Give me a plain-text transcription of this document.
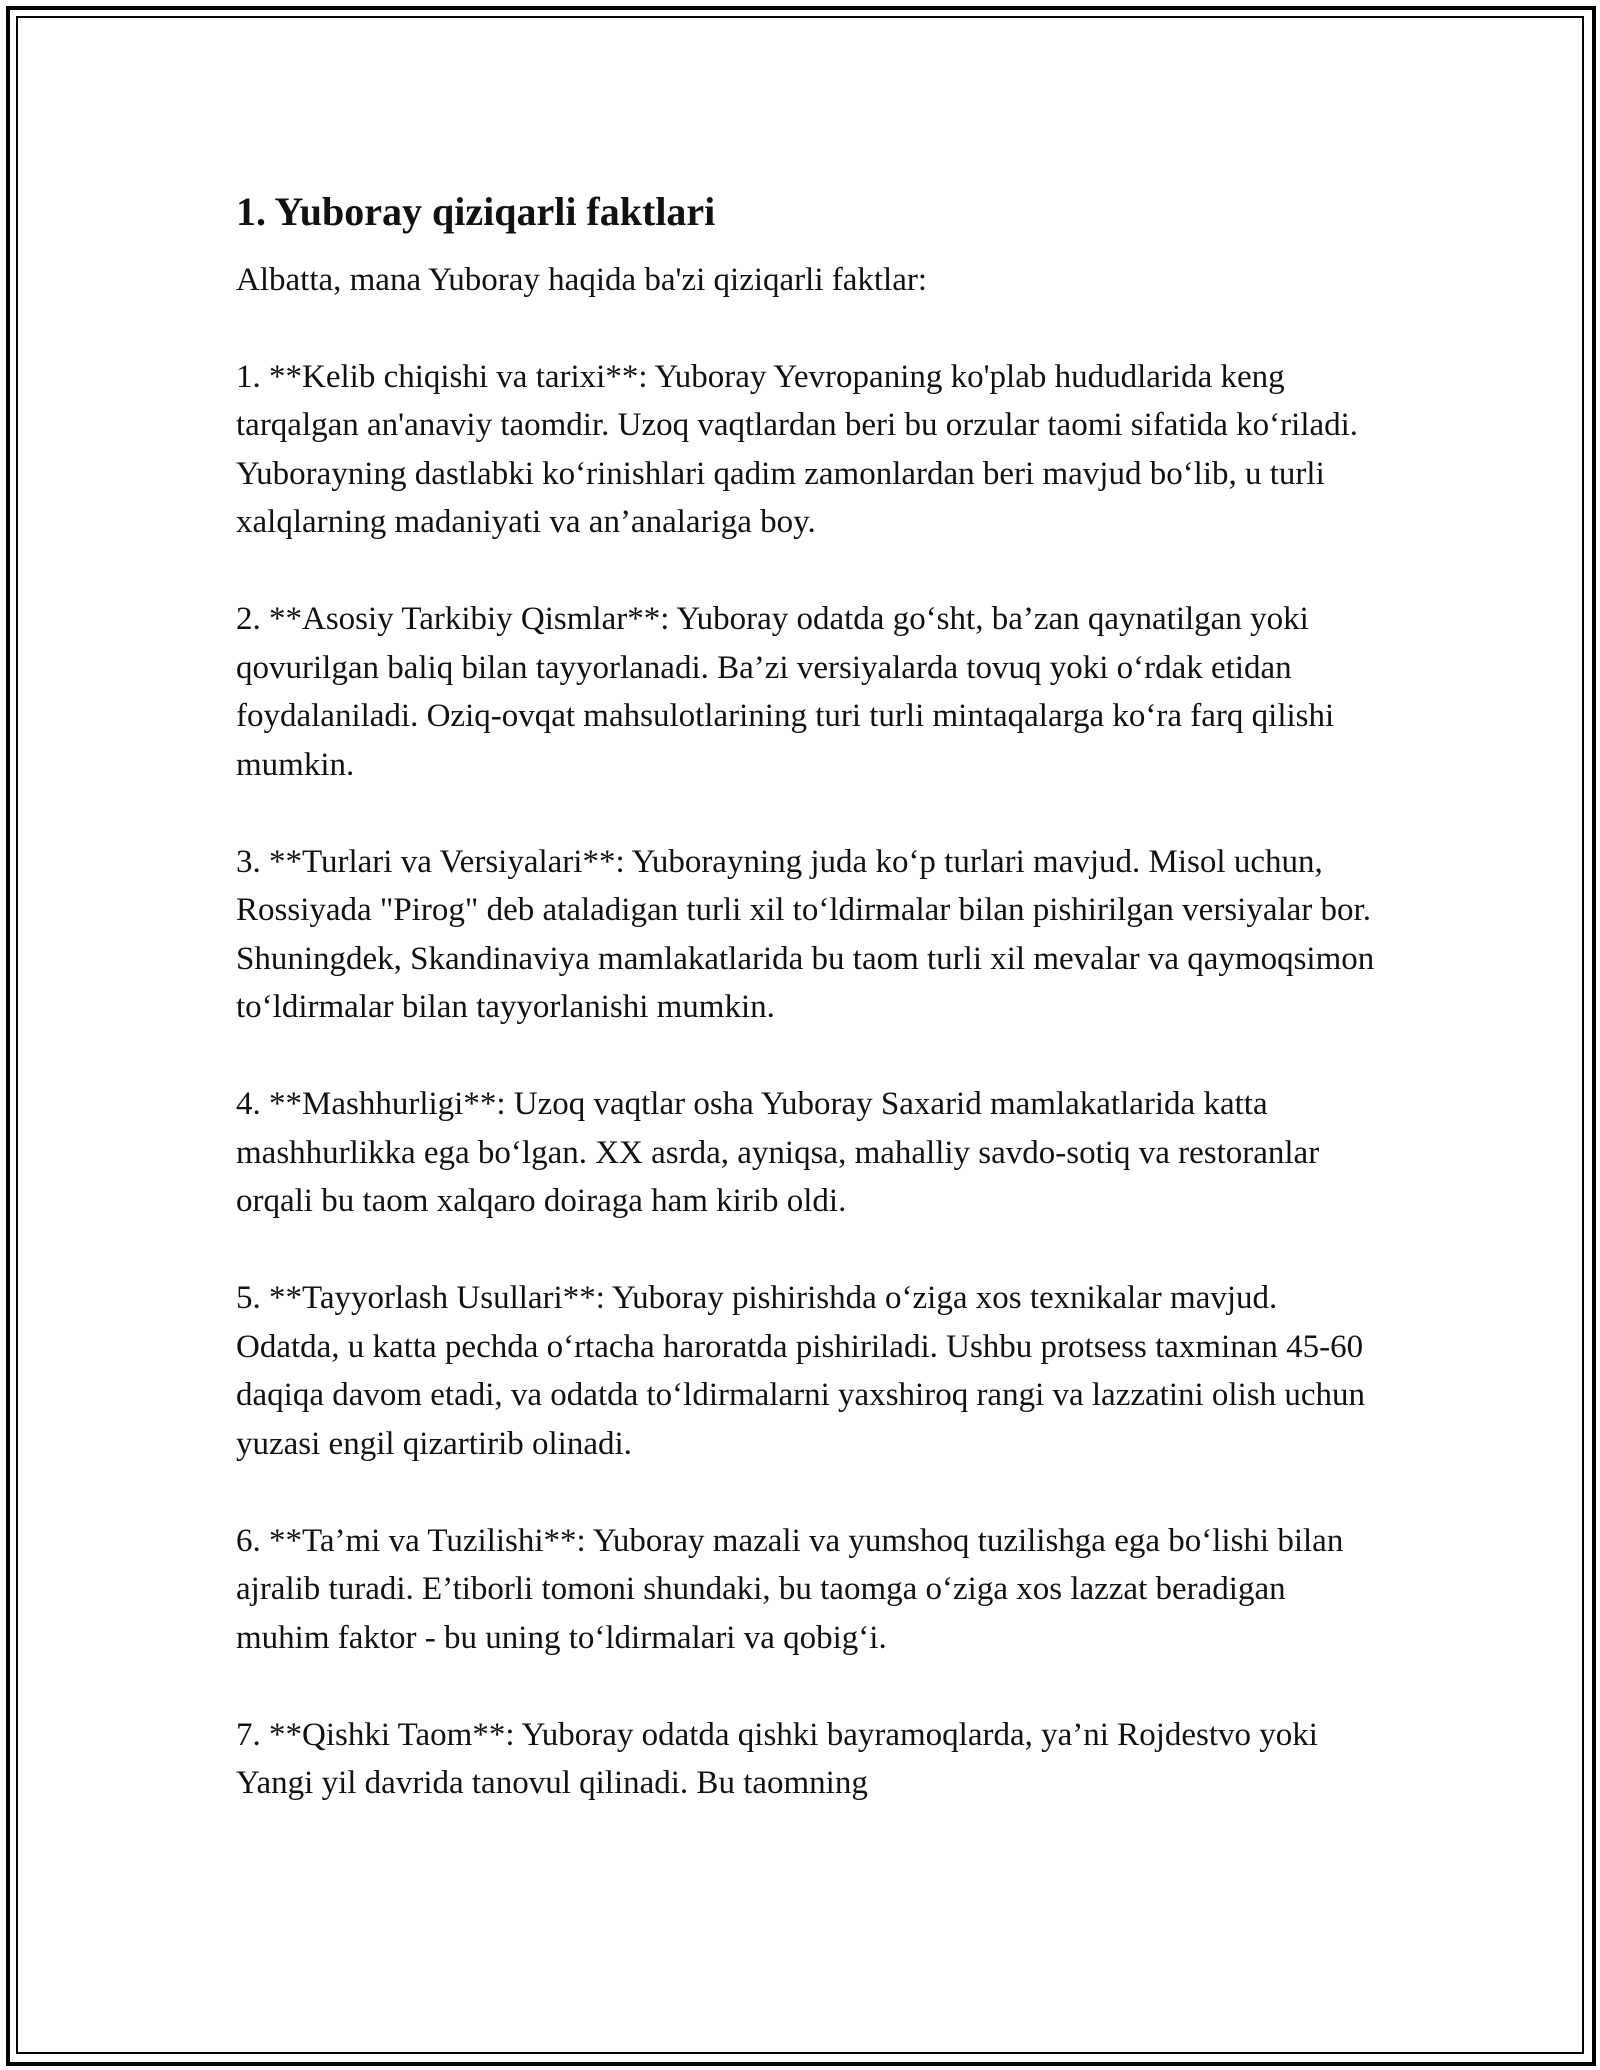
1. Yuboray qiziqarli faktlari

Albatta, mana Yuboray haqida ba'zi qiziqarli faktlar:

1. **Kelib chiqishi va tarixi**: Yuboray Yevropaning ko'plab hududlarida keng tarqalgan an'anaviy taomdir. Uzoq vaqtlardan beri bu orzular taomi sifatida ko‘riladi. Yuborayning dastlabki ko‘rinishlari qadim zamonlardan beri mavjud bo‘lib, u turli xalqlarning madaniyati va an’analariga boy.

2. **Asosiy Tarkibiy Qismlar**: Yuboray odatda go‘sht, ba’zan qaynatilgan yoki qovurilgan baliq bilan tayyorlanadi. Ba’zi versiyalarda tovuq yoki o‘rdak etidan foydalaniladi. Oziq-ovqat mahsulotlarining turi turli mintaqalarga ko‘ra farq qilishi mumkin.

3. **Turlari va Versiyalari**: Yuborayning juda ko‘p turlari mavjud. Misol uchun, Rossiyada "Pirog" deb ataladigan turli xil to‘ldirmalar bilan pishirilgan versiyalar bor. Shuningdek, Skandinaviya mamlakatlarida bu taom turli xil mevalar va qaymoqsimon to‘ldirmalar bilan tayyorlanishi mumkin.

4. **Mashhurligi**: Uzoq vaqtlar osha Yuboray Saxarid mamlakatlarida katta mashhurlikka ega bo‘lgan. XX asrda, ayniqsa, mahalliy savdo-sotiq va restoranlar orqali bu taom xalqaro doiraga ham kirib oldi.

5. **Tayyorlash Usullari**: Yuboray pishirishda o‘ziga xos texnikalar mavjud. Odatda, u katta pechda o‘rtacha haroratda pishiriladi. Ushbu protsess taxminan 45-60 daqiqa davom etadi, va odatda to‘ldirmalarni yaxshiroq rangi va lazzatini olish uchun yuzasi engil qizartirib olinadi.

6. **Ta’mi va Tuzilishi**: Yuboray mazali va yumshoq tuzilishga ega bo‘lishi bilan ajralib turadi. E’tiborli tomoni shundaki, bu taomga o‘ziga xos lazzat beradigan muhim faktor - bu uning to‘ldirmalari va qobig‘i.

7. **Qishki Taom**: Yuboray odatda qishki bayramoqlarda, ya’ni Rojdestvo yoki Yangi yil davrida tanovul qilinadi. Bu taomning
